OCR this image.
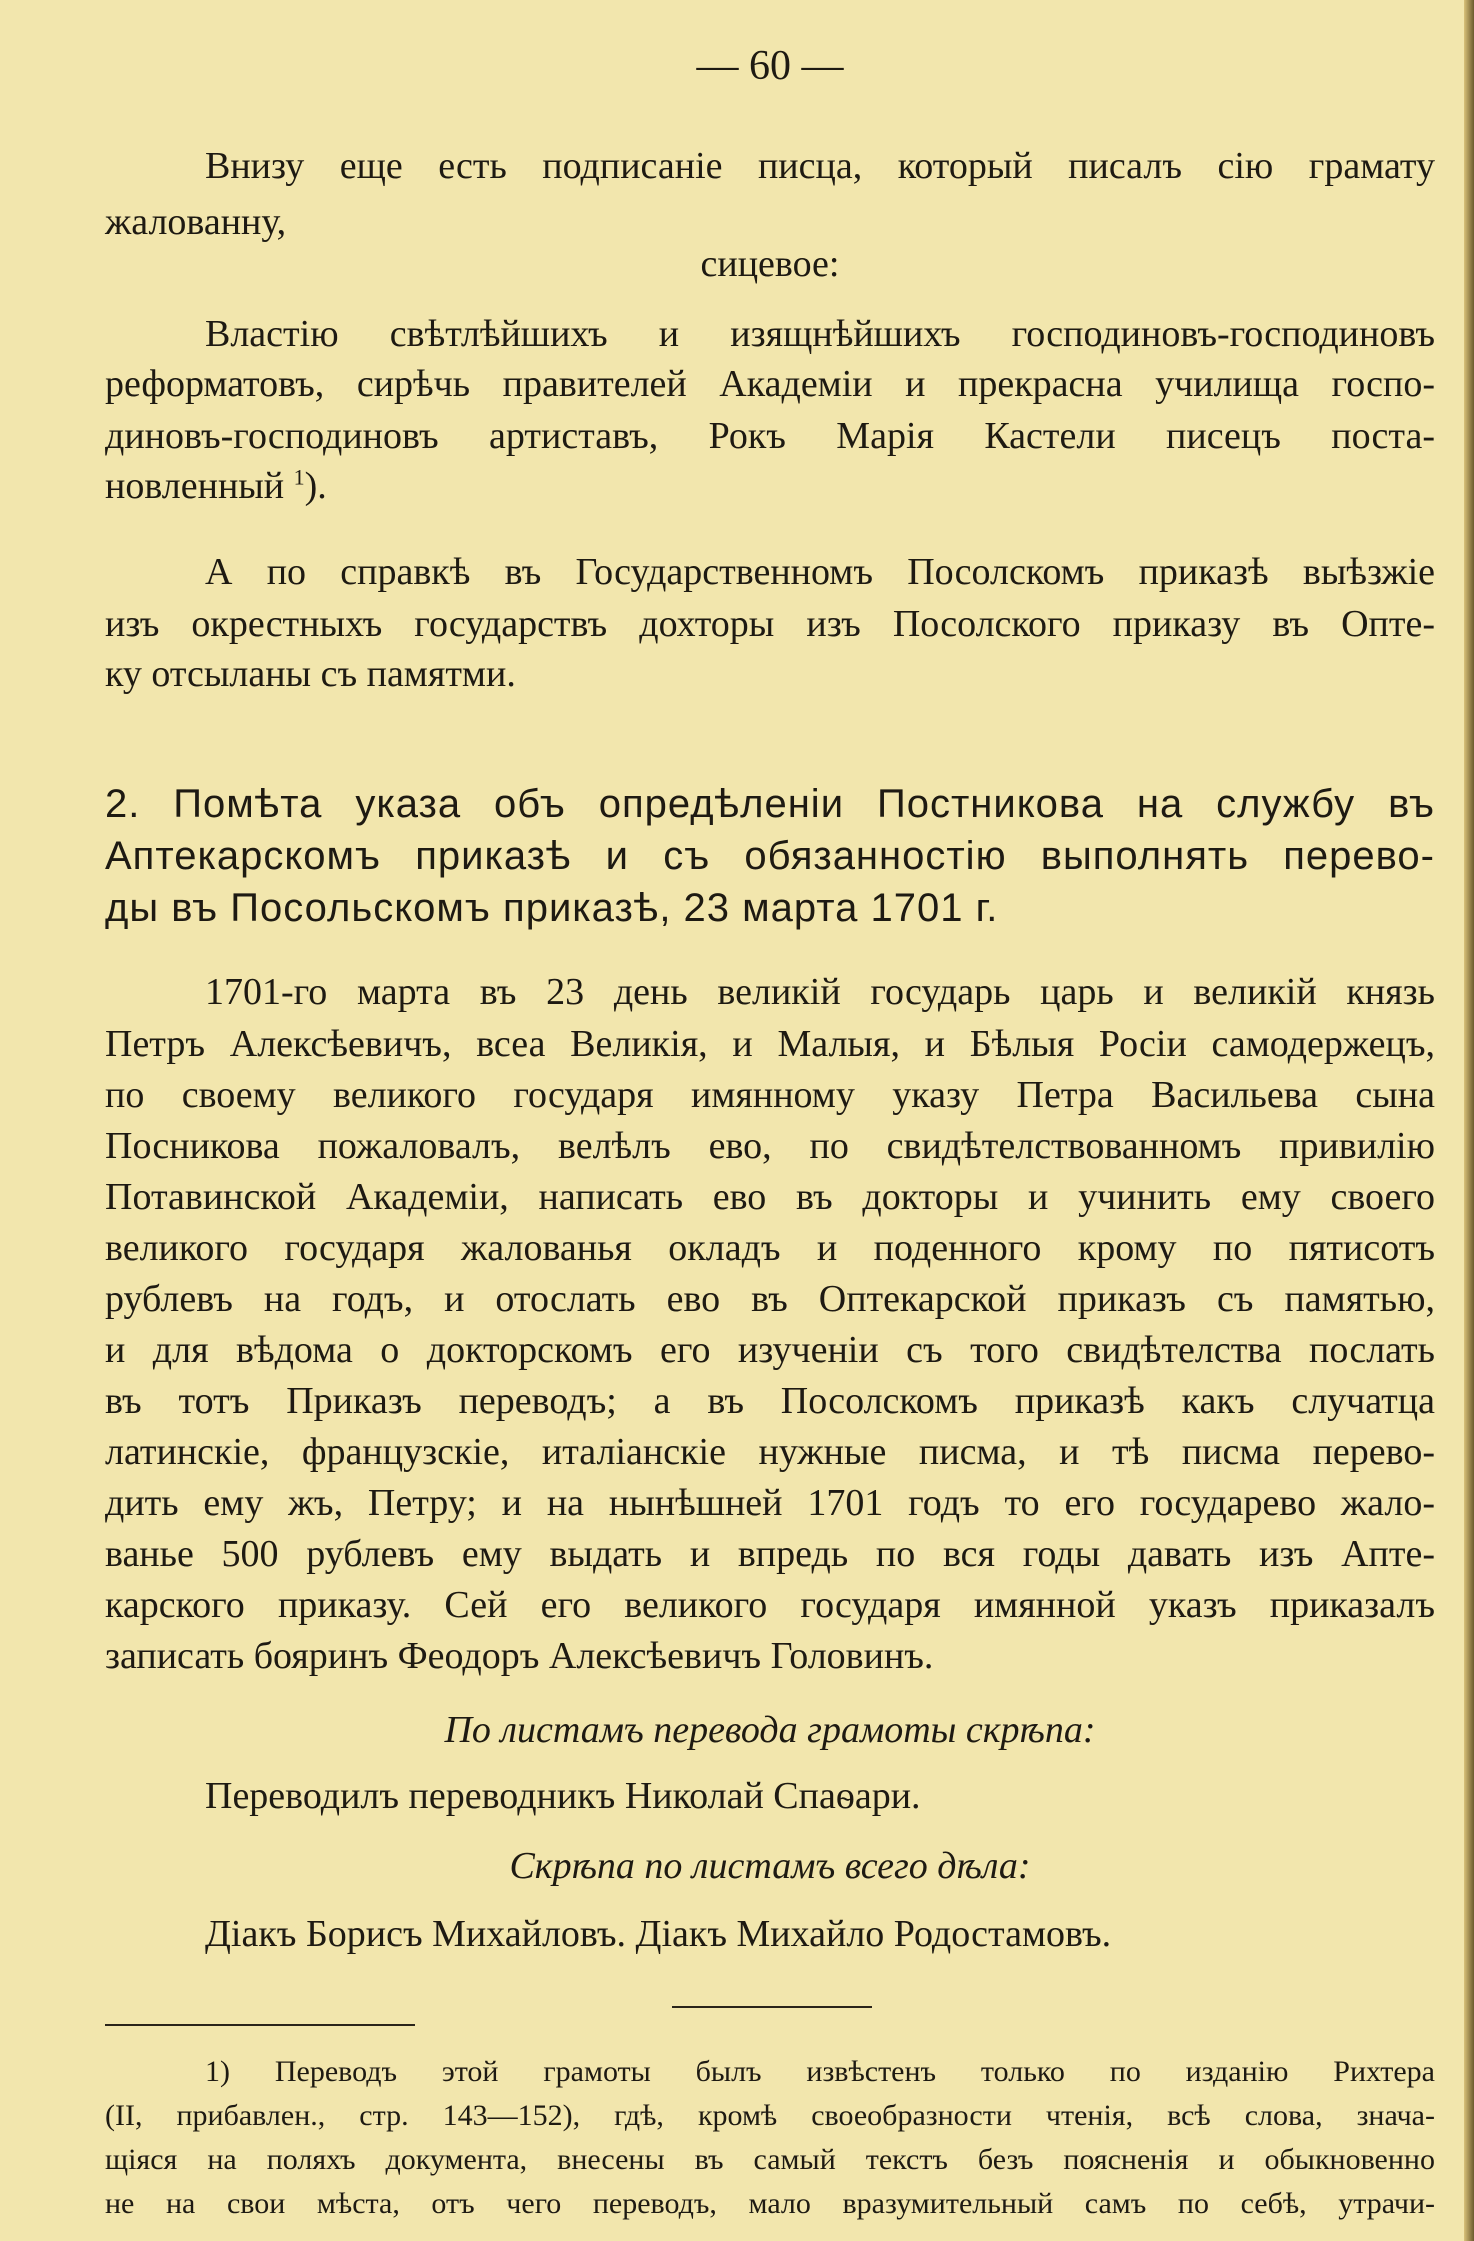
— 60 —
Внизу еще есть подписаніе писца, который писалъ сію грамату
жалованну,
сицевое:
Властію свѣтлѣйшихъ и изящнѣйшихъ господиновъ-господиновъ
реформатовъ, сирѣчь правителей Академіи и прекрасна училища госпо-
диновъ-господиновъ артиставъ, Рокъ Марія Кастели писецъ поста-
новленный $^1$).
А по справкѣ въ Государственномъ Посолскомъ приказѣ выѣзжіе
изъ окрестныхъ государствъ дохторы изъ Посолского приказу въ Опте-
ку отсыланы съ памятми.
2. Помѣта указа объ опредѣленіи Постникова на службу въ
Аптекарскомъ приказѣ и съ обязанностію выполнять перево-
ды въ Посольскомъ приказѣ, 23 марта 1701 г.
1701-го марта въ 23 день великій государь царь и великій князь
Петръ Алексѣевичъ, всеа Великія, и Малыя, и Бѣлыя Росіи самодержецъ,
по своему великого государя имянному указу Петра Васильева сына
Посникова пожаловалъ, велѣлъ ево, по свидѣтелствованномъ привилію
Потавинской Академіи, написать ево въ докторы и учинить ему своего
великого государя жалованья окладъ и поденного крому по пятисотъ
рублевъ на годъ, и отослать ево въ Оптекарской приказъ съ памятью,
и для вѣдома о докторскомъ его изученіи съ того свидѣтелства послать
въ тотъ Приказъ переводъ; а въ Посолскомъ приказѣ какъ случатца
латинскіе, французскіе, италіанскіе нужные писма, и тѣ писма перево-
дить ему жъ, Петру; и на нынѣшней 1701 годъ то его государево жало-
ванье 500 рублевъ ему выдать и впредь по вся годы давать изъ Апте-
карского приказу. Сей его великого государя имянной указъ приказалъ
записать бояринъ Феодоръ Алексѣевичъ Головинъ.
По листамъ перевода грамоты скрѣпа:
Переводилъ переводникъ Николай Спаѳари.
Скрѣпа по листамъ всего дѣла:
Діакъ Борисъ Михайловъ. Діакъ Михайло Родостамовъ.
1) Переводъ этой грамоты былъ извѣстенъ только по изданію Рихтера
(II, прибавлен., стр. 143—152), гдѣ, кромѣ своеобразности чтенія, всѣ слова, знача-
щіяся на поляхъ документа, внесены въ самый текстъ безъ поясненія и обыкновенно
не на свои мѣста, отъ чего переводъ, мало вразумительный самъ по себѣ, утрачи-
